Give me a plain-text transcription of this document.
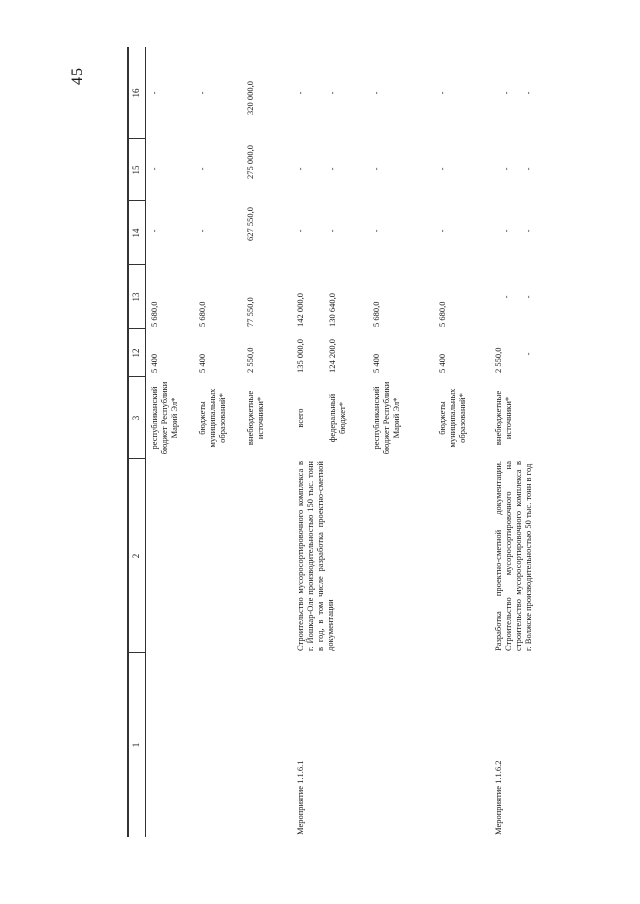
45
1
2
3
12
13
14
15
16
республиканский бюджет Республики Марий Эл*
5 400
5 680,0
-
-
-
бюджеты муниципальных образований*
5 400
5 680,0
-
-
-
внебюджетные источники*
2 550,0
77 550,0
627 550,0
275 000,0
320 000,0
Мероприятие 1.1.6.1
Строительство мусоросортировочного комплекса в г. Йошкар-Оле производительностью 150 тыс. тонн в год, в том числе разработка проектно-сметной документации
всего
135 000,0
142 000,0
-
-
-
федеральный бюджет*
124 200,0
130 640,0
-
-
-
республиканский бюджет Республики Марий Эл*
5 400
5 680,0
-
-
-
бюджеты муниципальных образований*
5 400
5 680,0
-
-
-
Мероприятие 1.1.6.2
Разработка проектно-сметной документации. Строительство мусоросортировочного на строительство мусоросортировочного комплекса в г. Волжске производительностью 50 тыс. тонн в год
внебюджетные источники*
2 550,0
-
-
-
-
-
-
-
-
-
